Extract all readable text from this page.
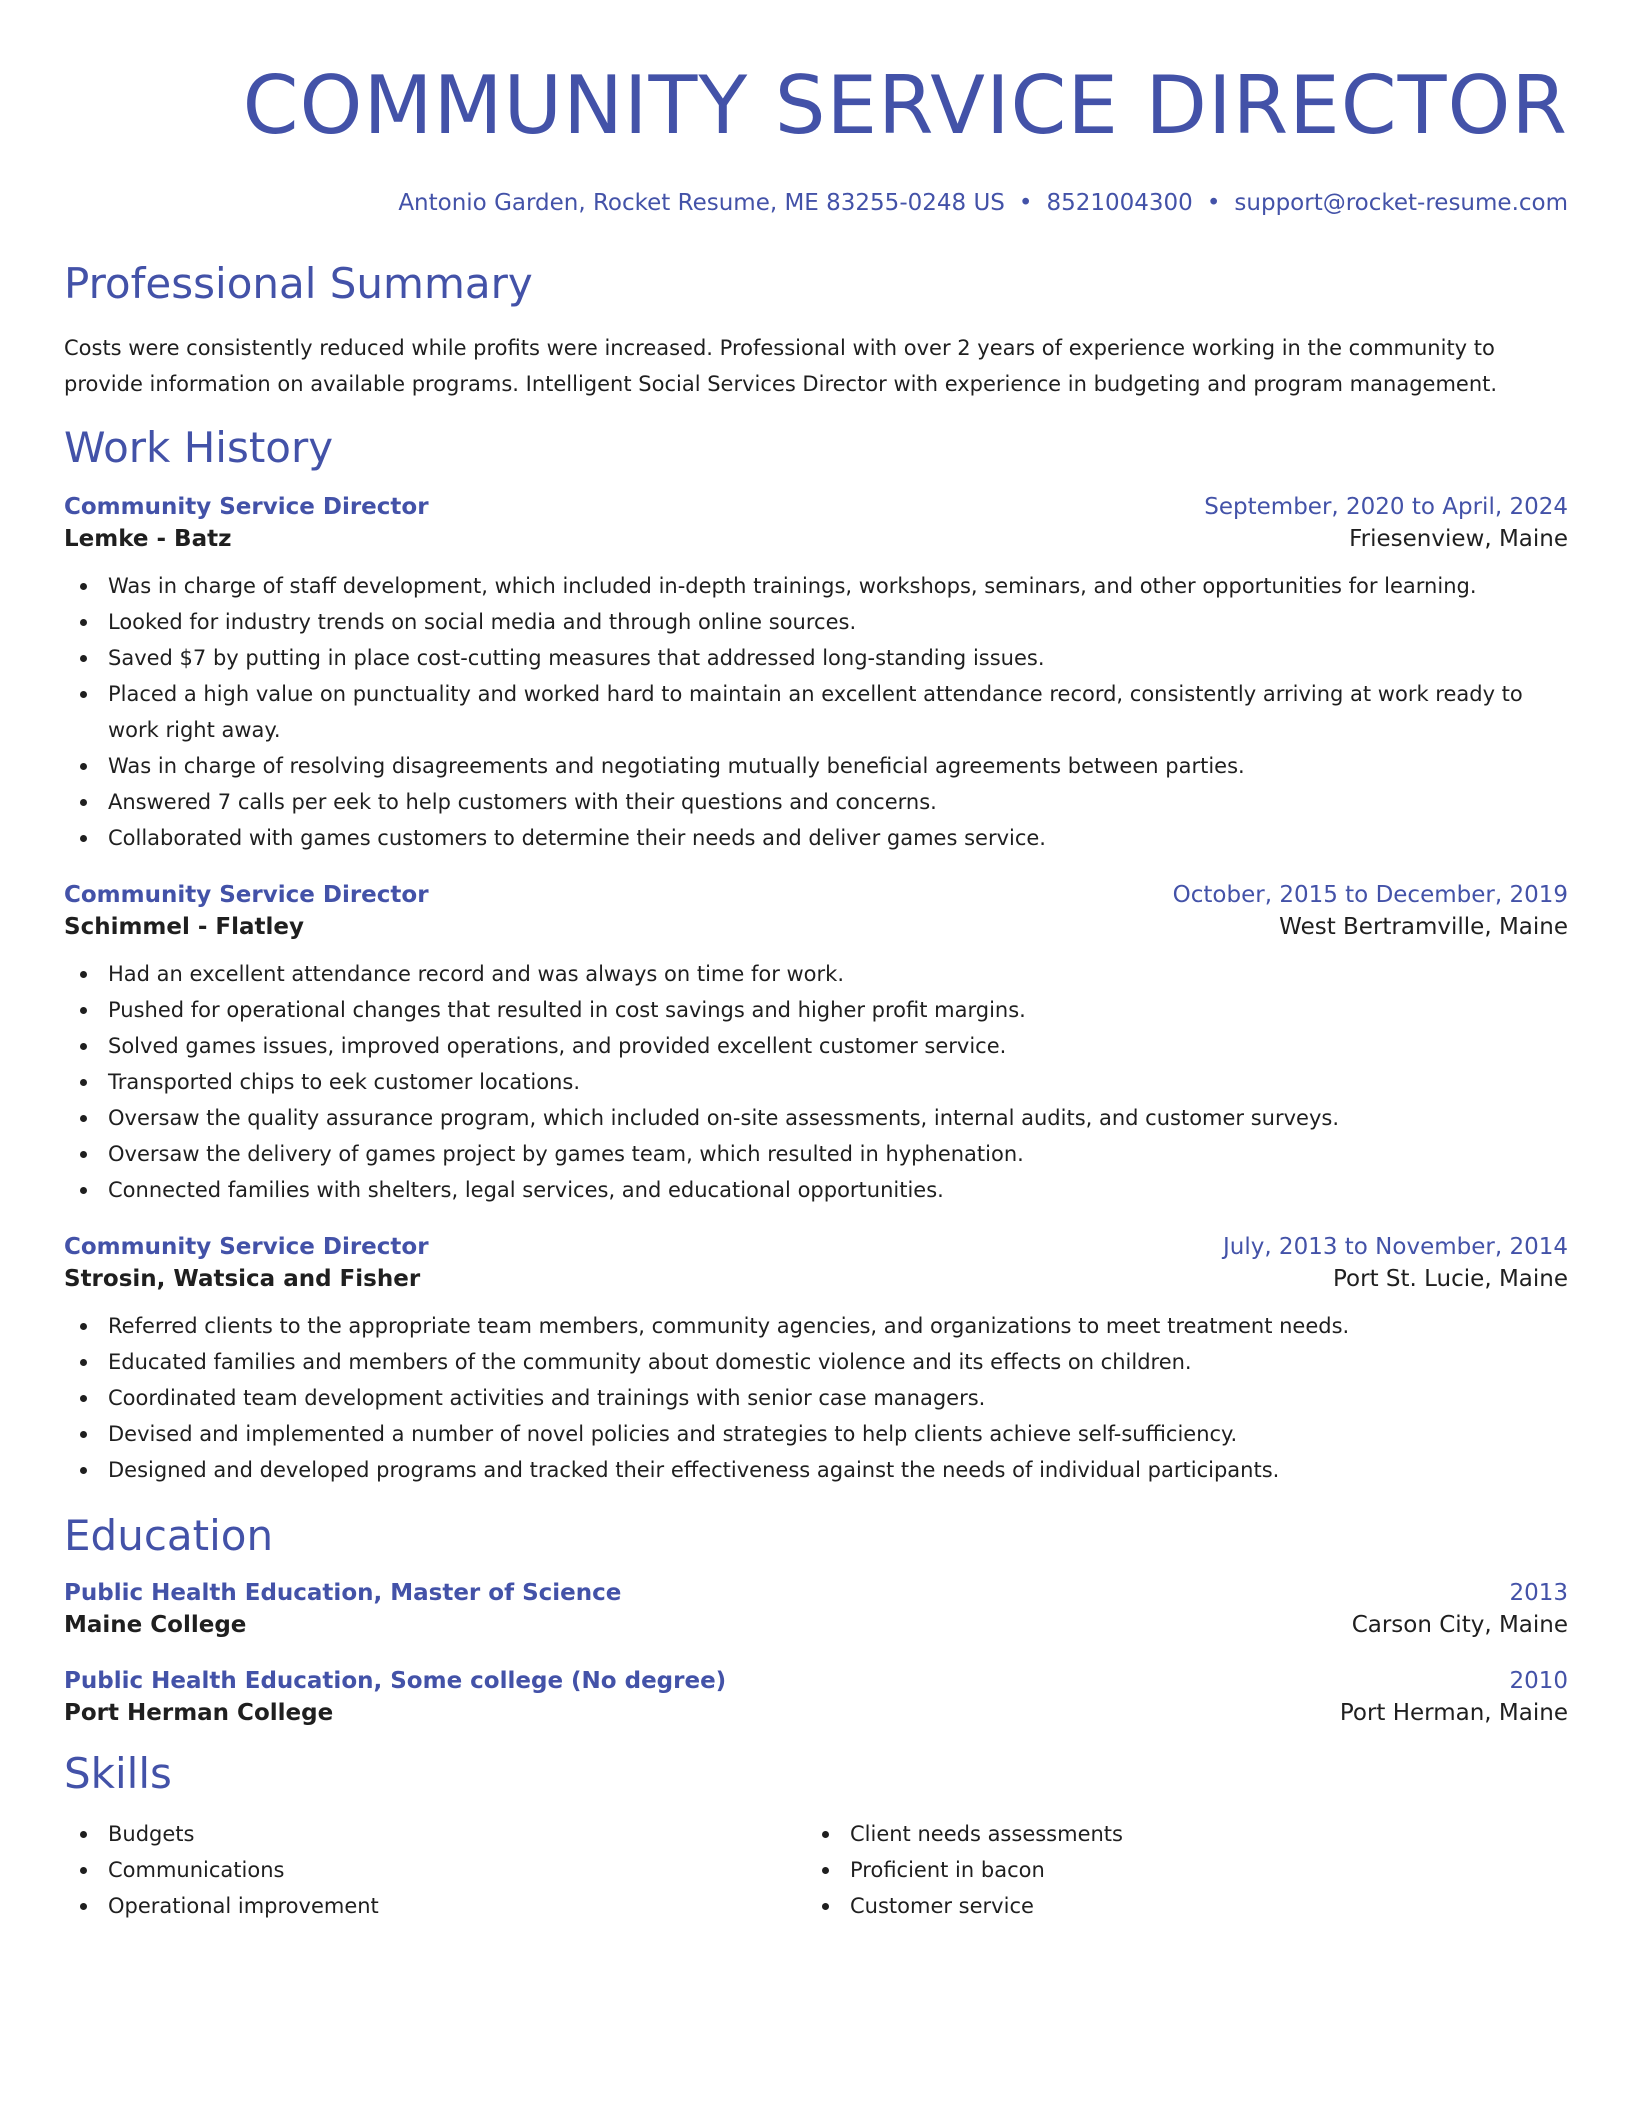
COMMUNITY SERVICE DIRECTOR
Antonio Garden, Rocket Resume, ME 83255-0248 US • 8521004300 • support@rocket-resume.com
Professional Summary

Costs were consistently reduced while profits were increased. Professional with over 2 years of experience working in the community to provide information on available programs. Intelligent Social Services Director with experience in budgeting and program management.

Work History
Community Service Director	September, 2020 to April, 2024
Lemke - Batz	Friesenview, Maine
Was in charge of staff development, which included in-depth trainings, workshops, seminars, and other opportunities for learning.
Looked for industry trends on social media and through online sources.
Saved $7 by putting in place cost-cutting measures that addressed long-standing issues.
Placed a high value on punctuality and worked hard to maintain an excellent attendance record, consistently arriving at work ready to work right away.
Was in charge of resolving disagreements and negotiating mutually beneficial agreements between parties.
Answered 7 calls per eek to help customers with their questions and concerns.
Collaborated with games customers to determine their needs and deliver games service.
Community Service Director	October, 2015 to December, 2019
Schimmel - Flatley	West Bertramville, Maine
Had an excellent attendance record and was always on time for work.
Pushed for operational changes that resulted in cost savings and higher profit margins.
Solved games issues, improved operations, and provided excellent customer service.
Transported chips to eek customer locations.
Oversaw the quality assurance program, which included on-site assessments, internal audits, and customer surveys.
Oversaw the delivery of games project by games team, which resulted in hyphenation.
Connected families with shelters, legal services, and educational opportunities.
Community Service Director	July, 2013 to November, 2014
Strosin, Watsica and Fisher	Port St. Lucie, Maine
Referred clients to the appropriate team members, community agencies, and organizations to meet treatment needs.
Educated families and members of the community about domestic violence and its effects on children.
Coordinated team development activities and trainings with senior case managers.
Devised and implemented a number of novel policies and strategies to help clients achieve self-sufficiency.
Designed and developed programs and tracked their effectiveness against the needs of individual participants.
Education
Public Health Education, Master of Science	2013
Maine College	Carson City, Maine
Public Health Education, Some college (No degree)	2010
Port Herman College	Port Herman, Maine
Skills
Budgets
Communications
Operational improvement
Client needs assessments
Proficient in bacon
Customer service
